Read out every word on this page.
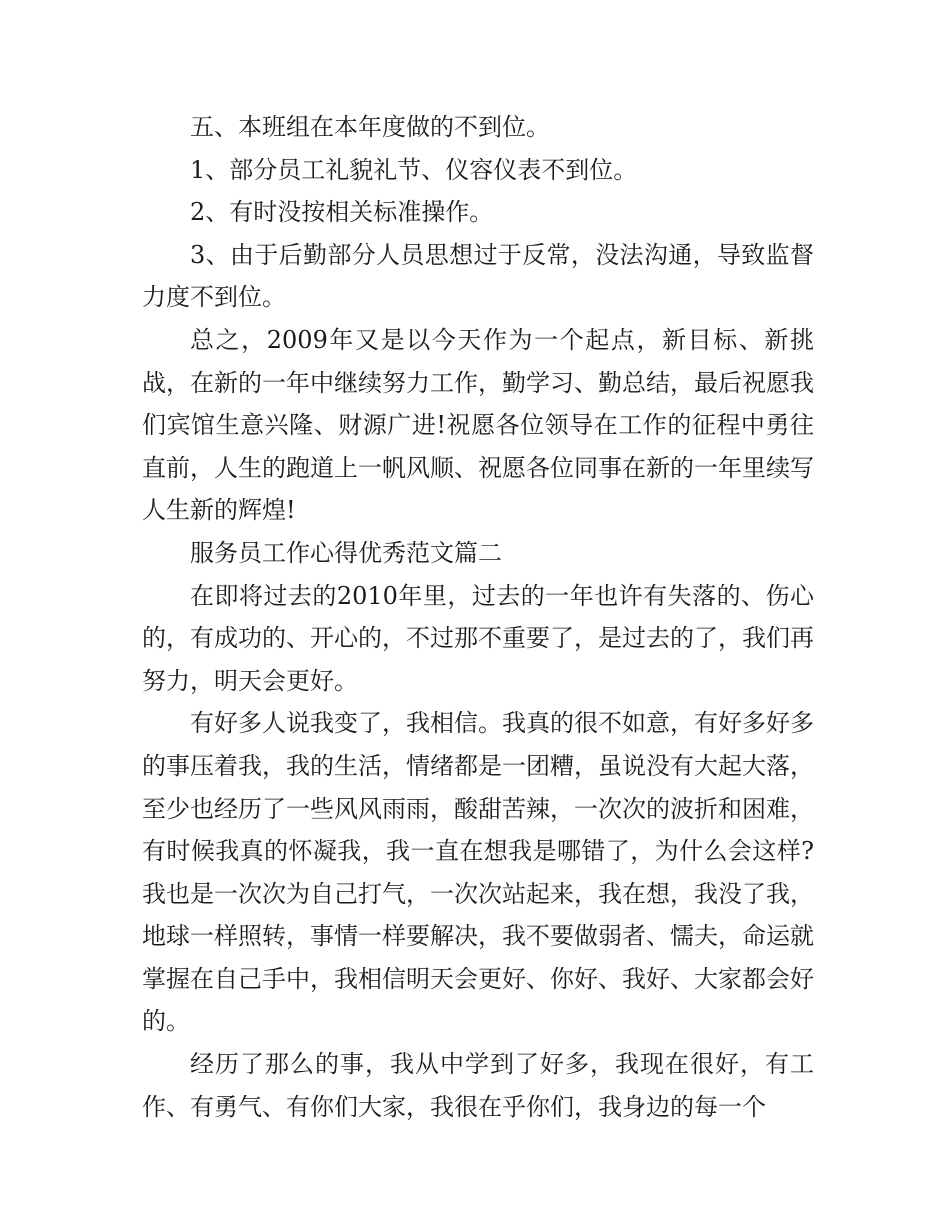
五、本班组在本年度做的不到位。

1、部分员工礼貌礼节、仪容仪表不到位。

2、有时没按相关标准操作。

3、由于后勤部分人员思想过于反常，没法沟通，导致监督力度不到位。

总之，2009年又是以今天作为一个起点，新目标、新挑战，在新的一年中继续努力工作，勤学习、勤总结，最后祝愿我们宾馆生意兴隆、财源广进!祝愿各位领导在工作的征程中勇往直前，人生的跑道上一帆风顺、祝愿各位同事在新的一年里续写人生新的辉煌!

服务员工作心得优秀范文篇二

在即将过去的2010年里，过去的一年也许有失落的、伤心的，有成功的、开心的，不过那不重要了，是过去的了，我们再努力，明天会更好。

有好多人说我变了，我相信。我真的很不如意，有好多好多的事压着我，我的生活，情绪都是一团糟，虽说没有大起大落，至少也经历了一些风风雨雨，酸甜苦辣，一次次的波折和困难，有时候我真的怀凝我，我一直在想我是哪错了，为什么会这样?我也是一次次为自己打气，一次次站起来，我在想，我没了我，地球一样照转，事情一样要解决，我不要做弱者、懦夫，命运就掌握在自己手中，我相信明天会更好、你好、我好、大家都会好的。

经历了那么的事，我从中学到了好多，我现在很好，有工作、有勇气、有你们大家，我很在乎你们，我身边的每一个
